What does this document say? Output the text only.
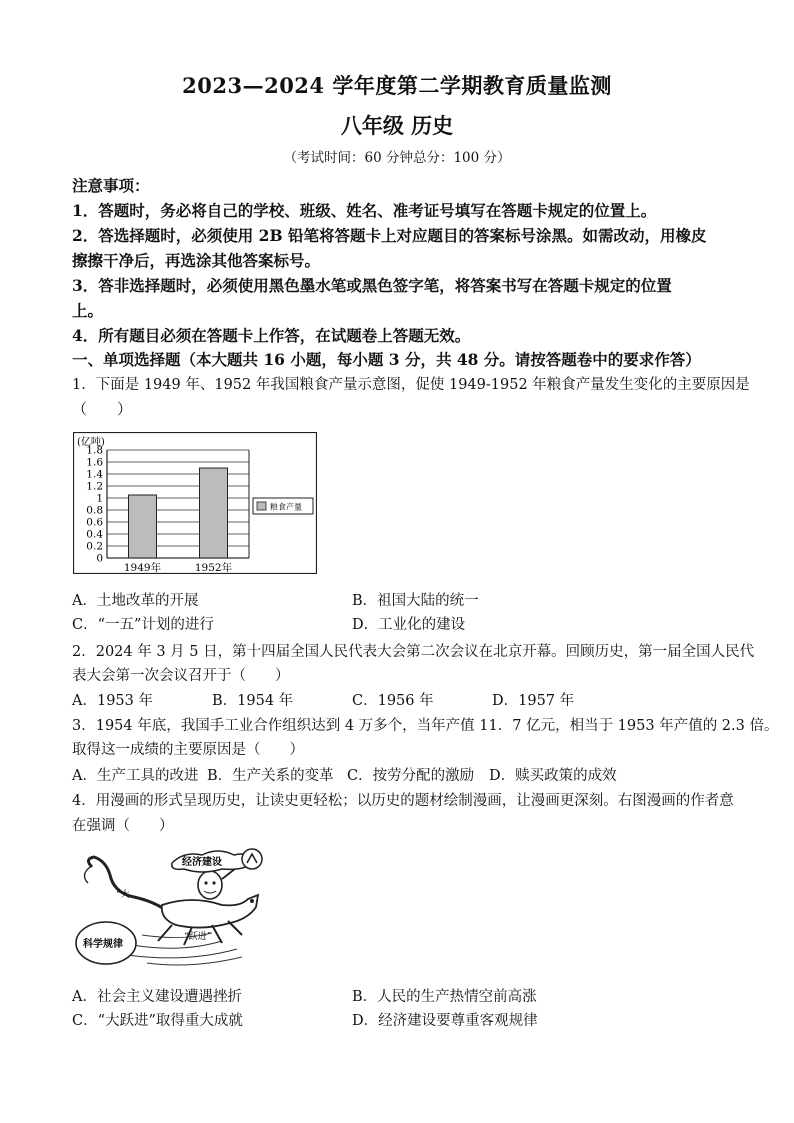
2023—2024 学年度第二学期教育质量监测
八年级 历史
（考试时间：60 分钟总分：100 分）
注意事项：
1．答题时，务必将自己的学校、班级、姓名、准考证号填写在答题卡规定的位置上。
2．答选择题时，必须使用 2B 铅笔将答题卡上对应题目的答案标号涂黑。如需改动，用橡皮
擦擦干净后，再选涂其他答案标号。
3．答非选择题时，必须使用黑色墨水笔或黑色签字笔，将答案书写在答题卡规定的位置
上。
4．所有题目必须在答题卡上作答，在试题卷上答题无效。
一、单项选择题（本大题共 16 小题，每小题 3 分，共 48 分。请按答题卷中的要求作答）
1．下面是 1949 年、1952 年我国粮食产量示意图，促使 1949-1952 年粮食产量发生变化的主要原因是
（　　）
1.8
1.6
1.4
1.2
1
0.8
0.6
0.4
0.2
0
1949年	1952年
(亿吨)
粮食产量
A．土地改革的开展	B．祖国大陆的统一
C．“一五”计划的进行	D．工业化的建设
2．2024 年 3 月 5 日，第十四届全国人民代表大会第二次会议在北京开幕。回顾历史，第一届全国人民代
表大会第一次会议召开于（　　）
A．1953 年	B．1954 年	C．1956 年	D．1957 年
3．1954 年底，我国手工业合作组织达到 4 万多个，当年产值 11．7 亿元，相当于 1953 年产值的 2.3 倍。
取得这一成绩的主要原因是（　　）
A．生产工具的改进 B．生产关系的变革 C．按劳分配的激励 D．赎买政策的成效
4．用漫画的形式呈现历史，让读史更轻松；以历史的题材绘制漫画，让漫画更深刻。右图漫画的作者意
在强调（　　）
科学规律
“大
“跃进”
经济建设
A．社会主义建设遭遇挫折	B．人民的生产热情空前高涨
C．“大跃进”取得重大成就	D．经济建设要尊重客观规律
